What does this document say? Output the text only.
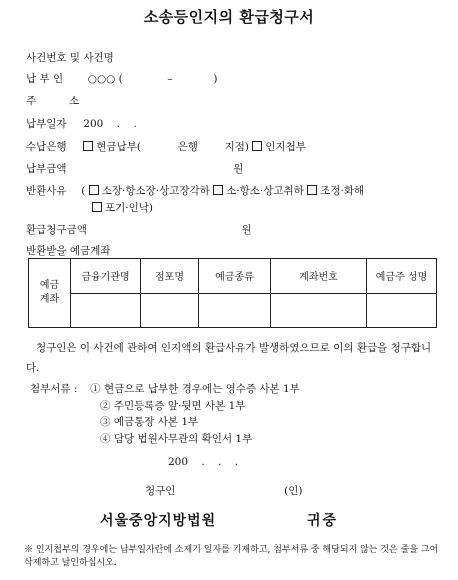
소송등인지의 환급청구서
사건번호 및 사건명
납 부 인 ○○○ (	–	)
주	소
납부일자 200    .    .
수납은행	현금납부(	은행	지점) 인지첩부
납부금액	원
반환사유 ( 소장·항소장·상고장각하 소·항소·상고취하 조정·화해
포기·인낙)
환급청구금액	원
반환받을 예금계좌
예금
계좌	금융기관명	점포명	예금종류	계좌번호	예금주 성명

청구인은 이 사건에 관하여 인지액의 환급사유가 발생하였으므로 이의 환급을 청구합니다.
첨부서류 : ① 현금으로 납부한 경우에는 영수증 사본 1부
② 주민등록증 앞·뒷면 사본 1부
③ 예금통장 사본 1부
④ 담당 법원사무관의 확인서 1부
200    .    .    .
청구인	(인)
서울중앙지방법원	귀중
※ 인지첩부의 경우에는 납부일자란에 소제기 일자를 기재하고, 첨부서류 중 해당되지 않는 것은 줄을 그어 삭제하고 날인하십시오.
